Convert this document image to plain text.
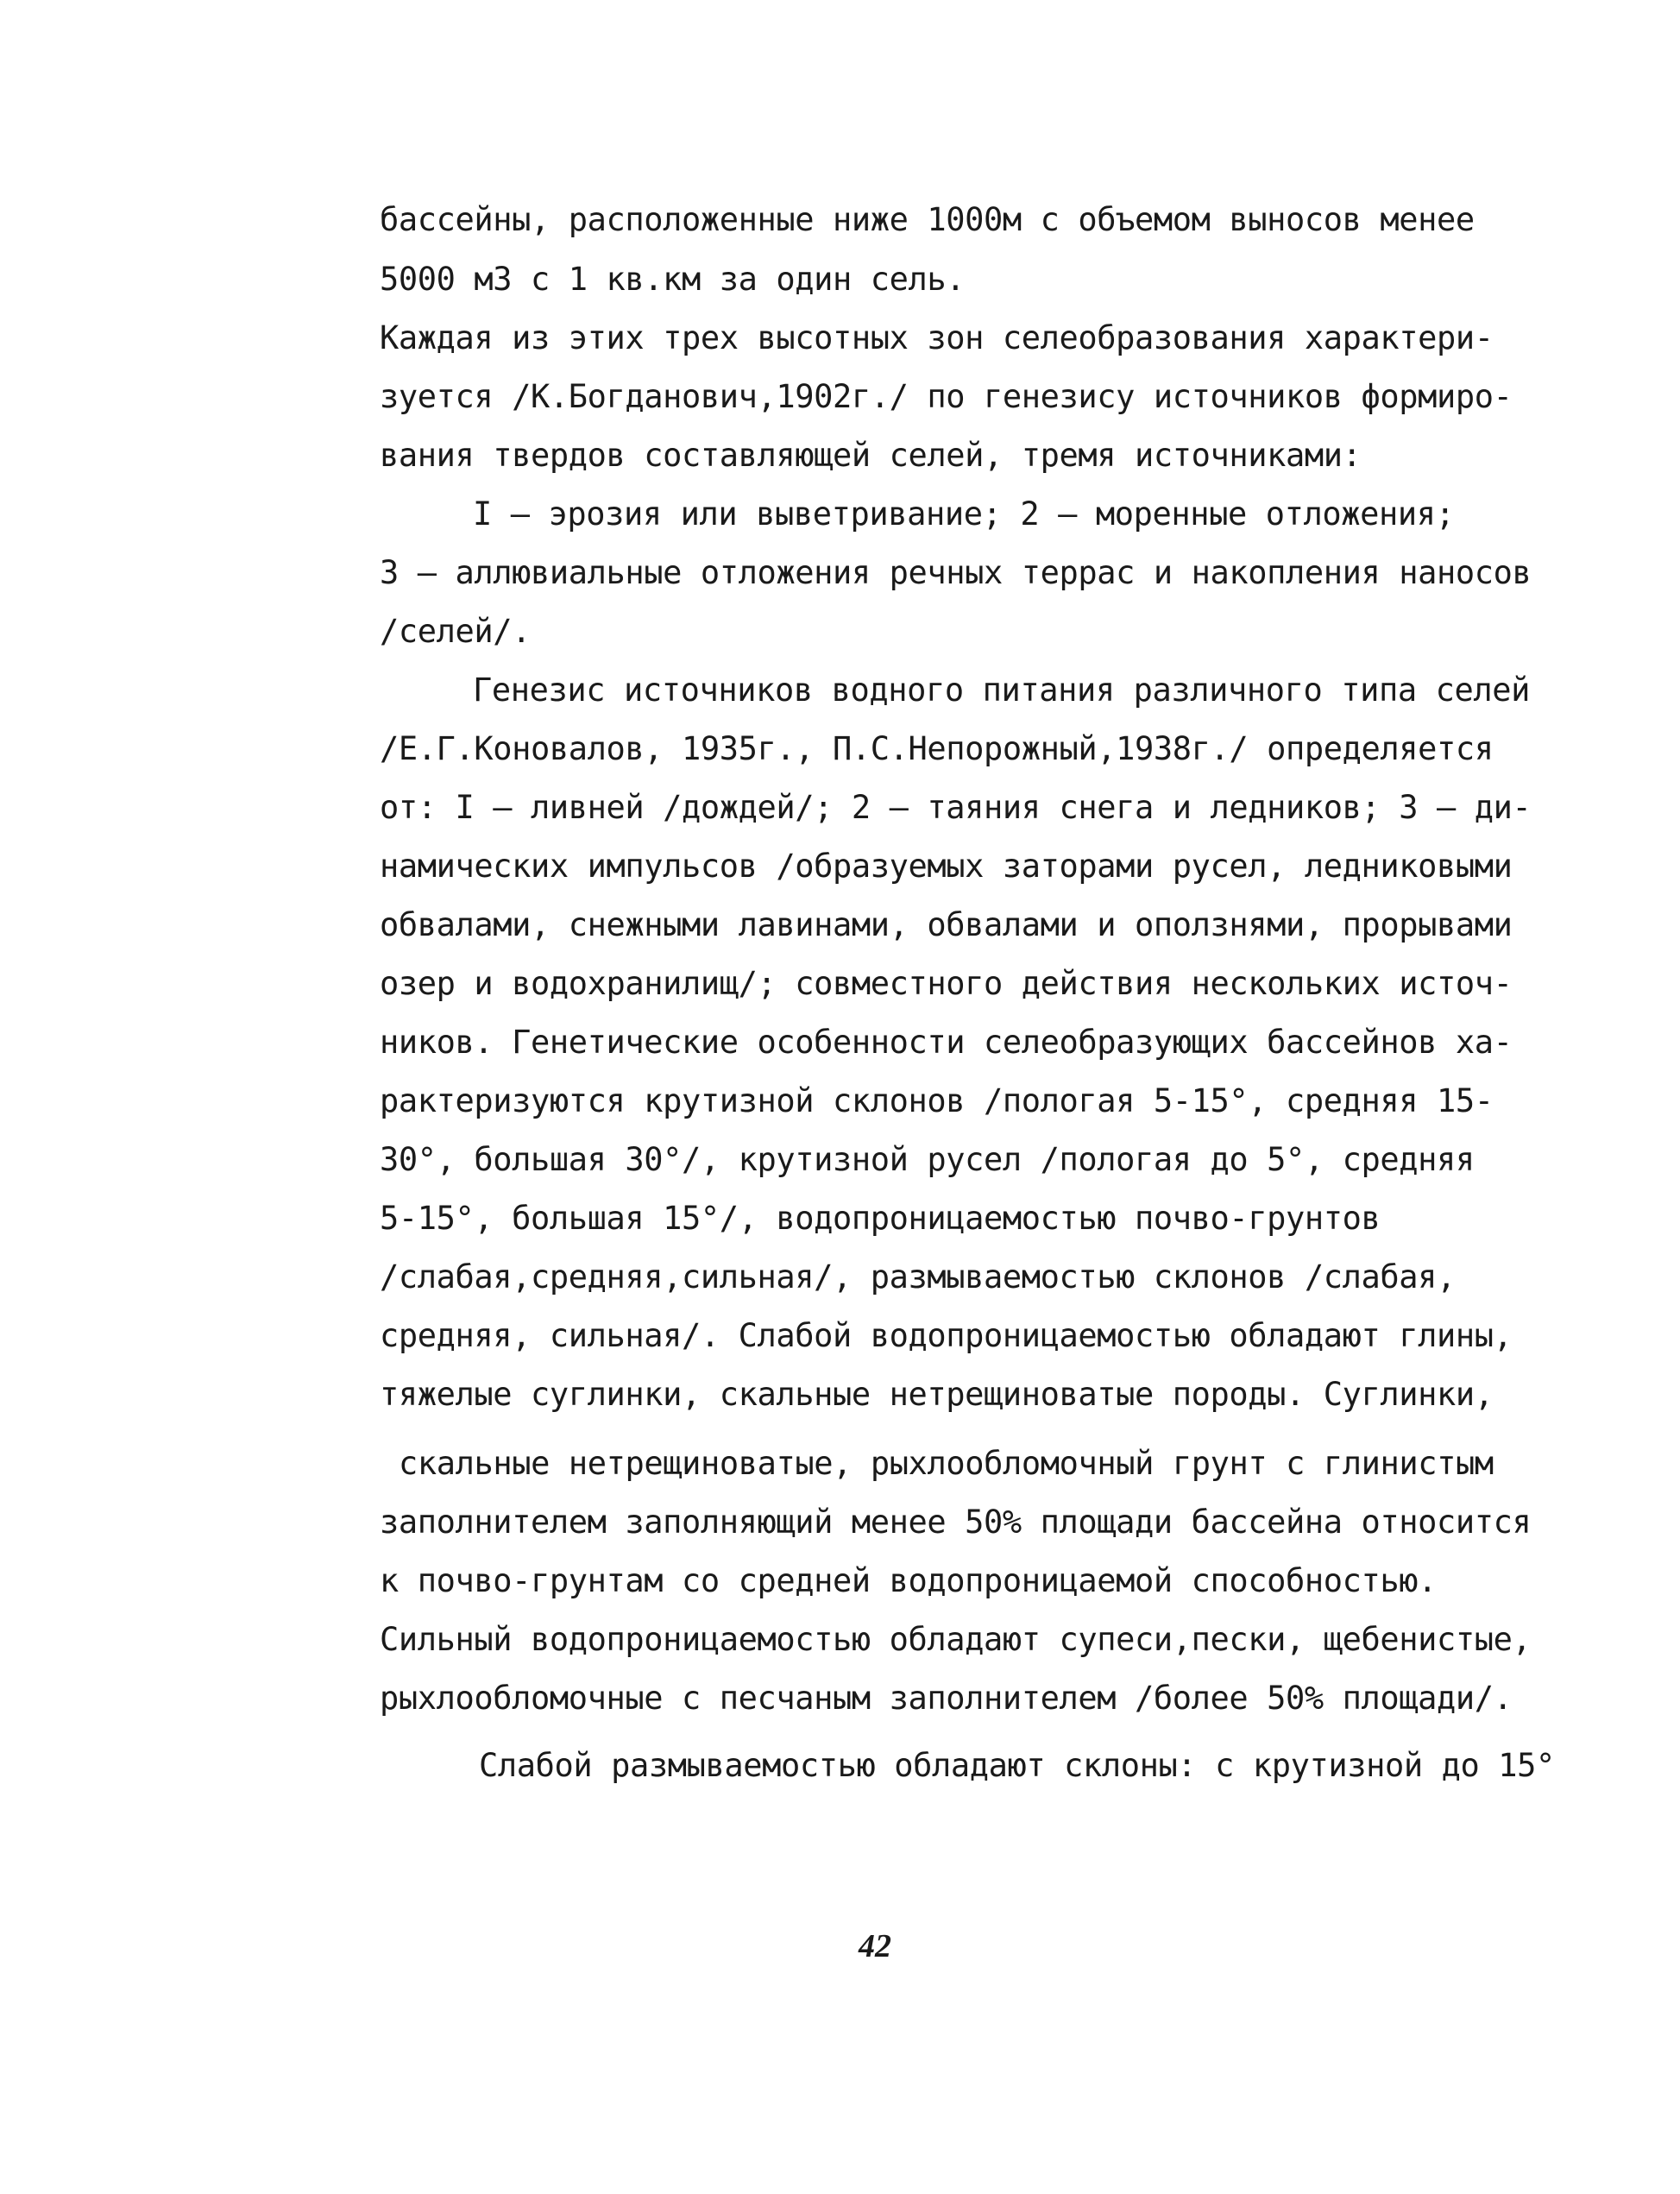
бассейны, расположенные ниже 1000м с объемом выносов менее
5000 м3 с 1 кв.км за один сель.
Каждая из этих трех высотных зон селеобразования характери-
зуется /К.Богданович,1902г./ по генезису источников формиро-
вания твердов составляющей селей, тремя источниками:
I – эрозия или выветривание; 2 – моренные отложения;
3 – аллювиальные отложения речных террас и накопления наносов
/селей/.
Генезис источников водного питания различного типа селей
/Е.Г.Коновалов, 1935г., П.С.Непорожный,1938г./ определяется
от: I – ливней /дождей/; 2 – таяния снега и ледников; 3 – ди-
намических импульсов /образуемых заторами русел, ледниковыми
обвалами, снежными лавинами, обвалами и оползнями, прорывами
озер и водохранилищ/; совместного действия нескольких источ-
ников. Генетические особенности селеобразующих бассейнов ха-
рактеризуются крутизной склонов /пологая 5-15°, средняя 15-
30°, большая 30°/, крутизной русел /пологая до 5°, средняя
5-15°, большая 15°/, водопроницаемостью почво-грунтов
/слабая,средняя,сильная/, размываемостью склонов /слабая,
средняя, сильная/. Слабой водопроницаемостью обладают глины,
тяжелые суглинки, скальные нетрещиноватые породы. Суглинки,
скальные нетрещиноватые, рыхлообломочный грунт с глинистым
заполнителем заполняющий менее 50% площади бассейна относится
к почво-грунтам со средней водопроницаемой способностью.
Сильный водопроницаемостью обладают супеси,пески, щебенистые,
рыхлообломочные с песчаным заполнителем /более 50% площади/.
Слабой размываемостью обладают склоны: с крутизной до 15°
42
